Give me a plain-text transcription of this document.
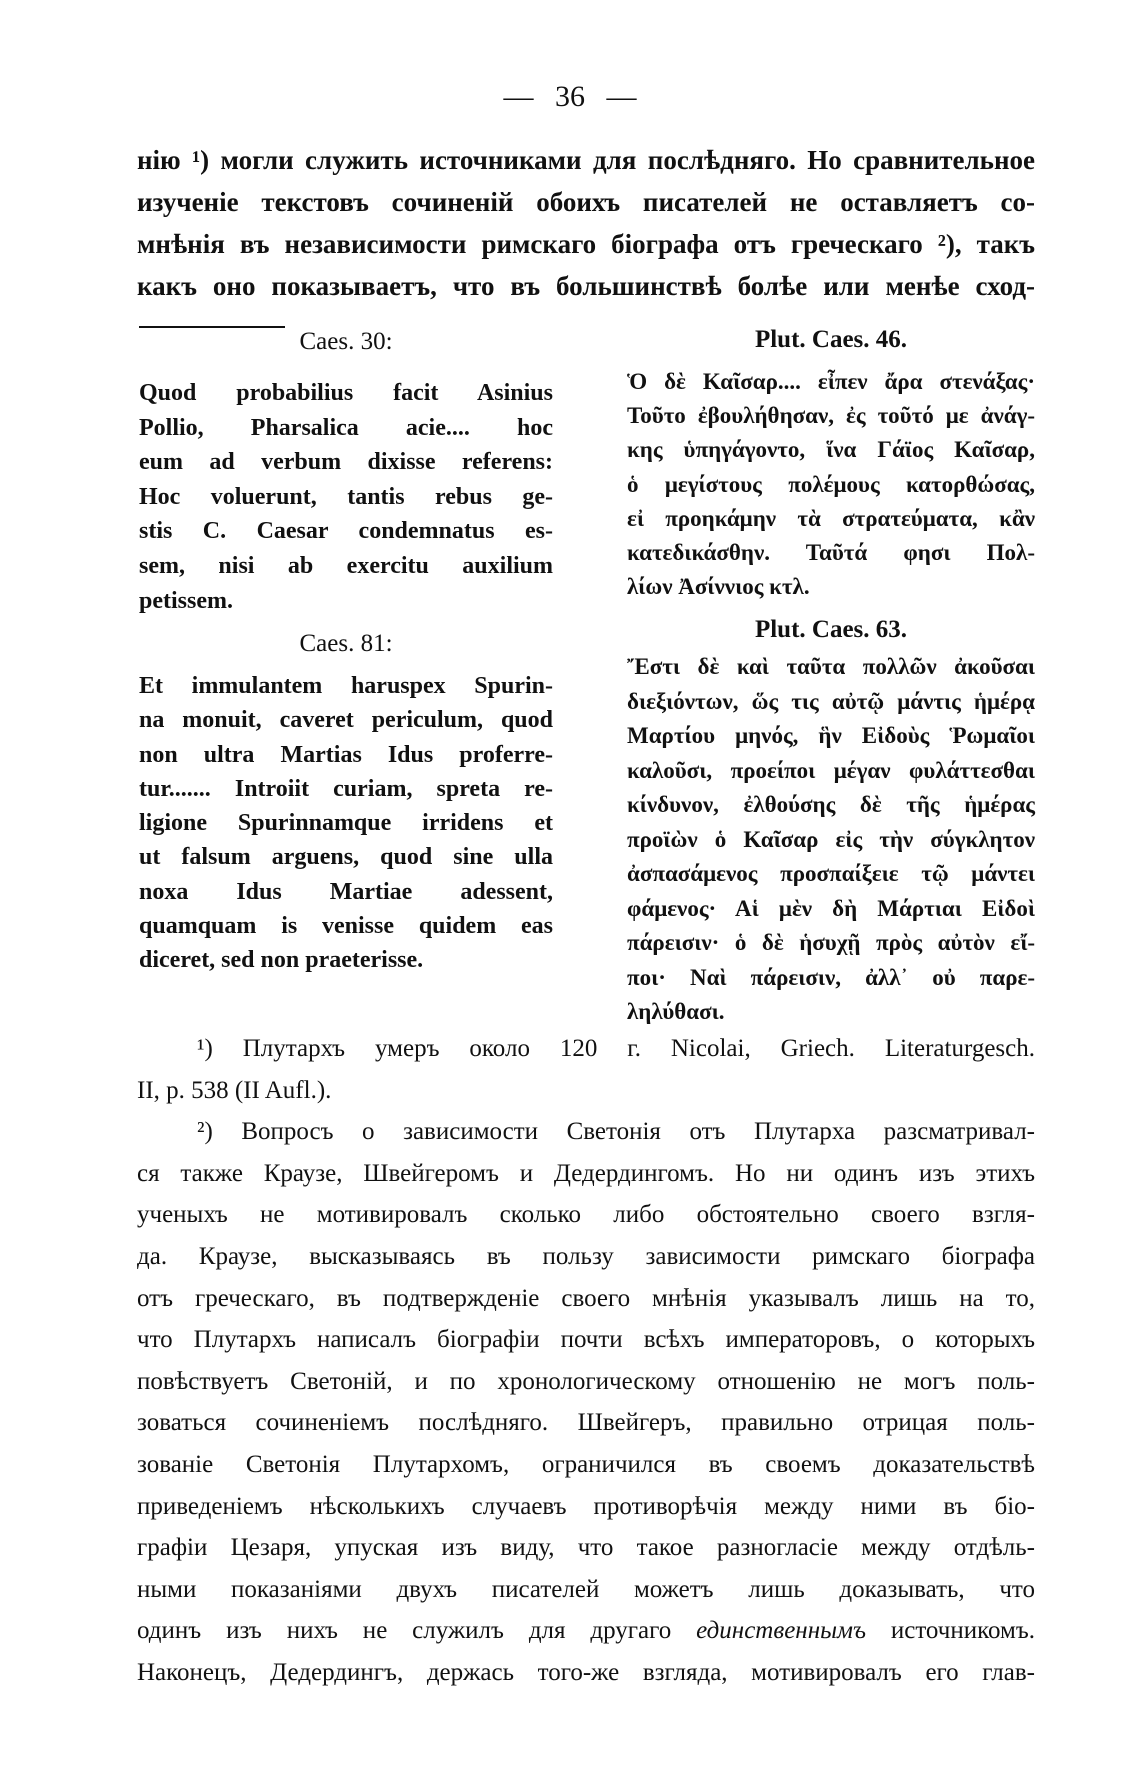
— 36 —
нію ¹) могли служить источниками для послѣдняго. Но сравнительное
изученіе текстовъ сочиненій обоихъ писателей не оставляетъ со-
мнѣнія въ независимости римскаго біографа отъ греческаго ²), такъ
какъ оно показываетъ, что въ большинствѣ болѣе или менѣе сход-
Caes. 30:
Quod probabilius facit Asinius
Pollio, Pharsalica acie.... hoc
eum ad verbum dixisse referens:
Hoc voluerunt, tantis rebus ge-
stis C. Caesar condemnatus es-
sem, nisi ab exercitu auxilium
petissem.
Caes. 81:
Et immulantem haruspex Spurin-
na monuit, caveret periculum, quod
non ultra Martias Idus proferre-
tur....... Introiit curiam, spreta re-
ligione Spurinnamque irridens et
ut falsum arguens, quod sine ulla
noxa Idus Martiae adessent,
quamquam is venisse quidem eas
diceret, sed non praeterisse.
Plut. Caes. 46.
Ὁ δὲ Καῖσαρ.... εἶπεν ἄρα στενάξας·
Τοῦτο ἐβουλήθησαν, ἐς τοῦτό με ἀνάγ-
κης ὑπηγάγοντο, ἵνα Γάϊος Καῖσαρ,
ὁ μεγίστους πολέμους κατορθώσας,
εἰ προηκάμην τὰ στρατεύματα, κἂν
κατεδικάσθην. Ταῦτά φησι Πολ-
λίων Ἀσίννιος κτλ.
Plut. Caes. 63.
Ἔστι δὲ καὶ ταῦτα πολλῶν ἀκοῦσαι
διεξιόντων, ὥς τις αὐτῷ μάντις ἡμέρᾳ
Μαρτίου μηνός, ἣν Εἰδοὺς Ῥωμαῖοι
καλοῦσι, προείποι μέγαν φυλάττεσθαι
κίνδυνον, ἐλθούσης δὲ τῆς ἡμέρας
προϊὼν ὁ Καῖσαρ εἰς τὴν σύγκλητον
ἀσπασάμενος προσπαίξειε τῷ μάντει
φάμενος· Αἱ μὲν δὴ Μάρτιαι Εἰδοὶ
πάρεισιν· ὁ δὲ ἡσυχῇ πρὸς αὐτὸν εἴ-
ποι· Ναὶ πάρεισιν, ἀλλ᾽ οὐ παρε-
ληλύθασι.
¹) Плутархъ умеръ около 120 г. Nicolai, Griech. Literaturgesch.
II, p. 538 (II Aufl.).
²) Вопросъ о зависимости Светонія отъ Плутарха разсматривал-
ся также Краузе, Швейгеромъ и Дедердингомъ. Но ни одинъ изъ этихъ
ученыхъ не мотивировалъ сколько либо обстоятельно своего взгля-
да. Краузе, высказываясь въ пользу зависимости римскаго біографа
отъ греческаго, въ подтвержденіе своего мнѣнія указывалъ лишь на то,
что Плутархъ написалъ біографіи почти всѣхъ императоровъ, о которыхъ
повѣствуетъ Светоній, и по хронологическому отношенію не могъ поль-
зоваться сочиненіемъ послѣдняго. Швейгеръ, правильно отрицая поль-
зованіе Светонія Плутархомъ, ограничился въ своемъ доказательствѣ
приведеніемъ нѣсколькихъ случаевъ противорѣчія между ними въ біо-
графіи Цезаря, упуская изъ виду, что такое разногласіе между отдѣль-
ными показаніями двухъ писателей можетъ лишь доказывать, что
одинъ изъ нихъ не служилъ для другаго единственнымъ источникомъ.
Наконецъ, Дедердингъ, держась того-же взгляда, мотивировалъ его глав-
